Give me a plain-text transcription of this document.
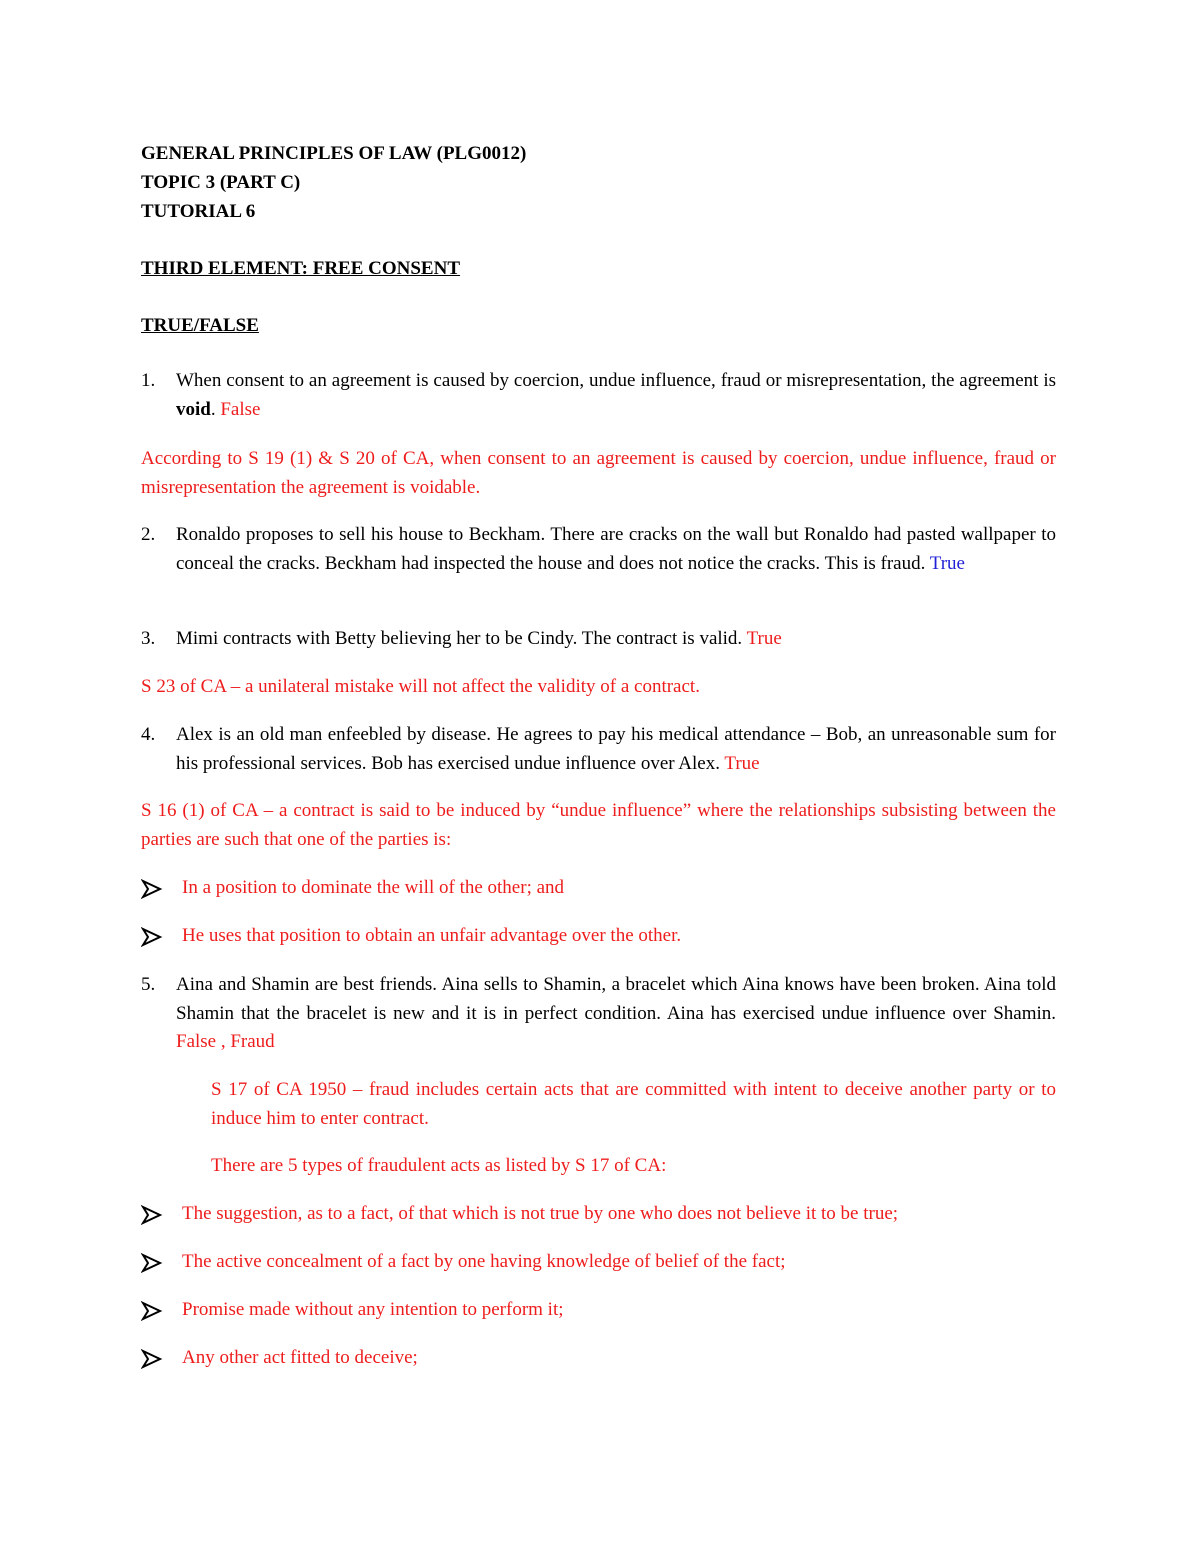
GENERAL PRINCIPLES OF LAW (PLG0012)
TOPIC 3 (PART C)
TUTORIAL 6
THIRD ELEMENT: FREE CONSENT
TRUE/FALSE
1.	When consent to an agreement is caused by coercion, undue influence, fraud or misrepresentation, the agreement is void. False
According to S 19 (1) & S 20 of CA, when consent to an agreement is caused by coercion, undue influence, fraud or misrepresentation the agreement is voidable.
2.	Ronaldo proposes to sell his house to Beckham. There are cracks on the wall but Ronaldo had pasted wallpaper to conceal the cracks. Beckham had inspected the house and does not notice the cracks. This is fraud. True
3.	Mimi contracts with Betty believing her to be Cindy. The contract is valid. True
S 23 of CA – a unilateral mistake will not affect the validity of a contract.
4.	Alex is an old man enfeebled by disease. He agrees to pay his medical attendance – Bob, an unreasonable sum for his professional services. Bob has exercised undue influence over Alex. True
S 16 (1) of CA – a contract is said to be induced by “undue influence” where the relationships subsisting between the parties are such that one of the parties is:
In a position to dominate the will of the other; and
He uses that position to obtain an unfair advantage over the other.
5.	Aina and Shamin are best friends. Aina sells to Shamin, a bracelet which Aina knows have been broken. Aina told Shamin that the bracelet is new and it is in perfect condition. Aina has exercised undue influence over Shamin. False , Fraud
S 17 of CA 1950 – fraud includes certain acts that are committed with intent to deceive another party or to induce him to enter contract.
There are 5 types of fraudulent acts as listed by S 17 of CA:
The suggestion, as to a fact, of that which is not true by one who does not believe it to be true;
The active concealment of a fact by one having knowledge of belief of the fact;
Promise made without any intention to perform it;
Any other act fitted to deceive;
